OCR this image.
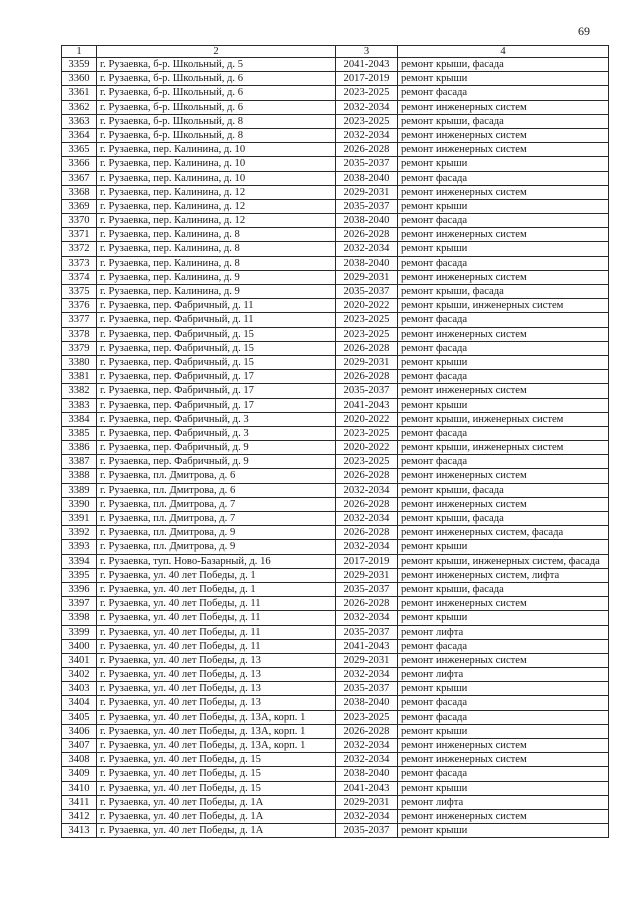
69
1	2	3	4
3359	г. Рузаевка, б-р. Школьный, д. 5	2041-2043	ремонт крыши, фасада
3360	г. Рузаевка, б-р. Школьный, д. 6	2017-2019	ремонт крыши
3361	г. Рузаевка, б-р. Школьный, д. 6	2023-2025	ремонт фасада
3362	г. Рузаевка, б-р. Школьный, д. 6	2032-2034	ремонт инженерных систем
3363	г. Рузаевка, б-р. Школьный, д. 8	2023-2025	ремонт крыши, фасада
3364	г. Рузаевка, б-р. Школьный, д. 8	2032-2034	ремонт инженерных систем
3365	г. Рузаевка, пер. Калинина, д. 10	2026-2028	ремонт инженерных систем
3366	г. Рузаевка, пер. Калинина, д. 10	2035-2037	ремонт крыши
3367	г. Рузаевка, пер. Калинина, д. 10	2038-2040	ремонт фасада
3368	г. Рузаевка, пер. Калинина, д. 12	2029-2031	ремонт инженерных систем
3369	г. Рузаевка, пер. Калинина, д. 12	2035-2037	ремонт крыши
3370	г. Рузаевка, пер. Калинина, д. 12	2038-2040	ремонт фасада
3371	г. Рузаевка, пер. Калинина, д. 8	2026-2028	ремонт инженерных систем
3372	г. Рузаевка, пер. Калинина, д. 8	2032-2034	ремонт крыши
3373	г. Рузаевка, пер. Калинина, д. 8	2038-2040	ремонт фасада
3374	г. Рузаевка, пер. Калинина, д. 9	2029-2031	ремонт инженерных систем
3375	г. Рузаевка, пер. Калинина, д. 9	2035-2037	ремонт крыши, фасада
3376	г. Рузаевка, пер. Фабричный, д. 11	2020-2022	ремонт крыши, инженерных систем
3377	г. Рузаевка, пер. Фабричный, д. 11	2023-2025	ремонт фасада
3378	г. Рузаевка, пер. Фабричный, д. 15	2023-2025	ремонт инженерных систем
3379	г. Рузаевка, пер. Фабричный, д. 15	2026-2028	ремонт фасада
3380	г. Рузаевка, пер. Фабричный, д. 15	2029-2031	ремонт крыши
3381	г. Рузаевка, пер. Фабричный, д. 17	2026-2028	ремонт фасада
3382	г. Рузаевка, пер. Фабричный, д. 17	2035-2037	ремонт инженерных систем
3383	г. Рузаевка, пер. Фабричный, д. 17	2041-2043	ремонт крыши
3384	г. Рузаевка, пер. Фабричный, д. 3	2020-2022	ремонт крыши, инженерных систем
3385	г. Рузаевка, пер. Фабричный, д. 3	2023-2025	ремонт фасада
3386	г. Рузаевка, пер. Фабричный, д. 9	2020-2022	ремонт крыши, инженерных систем
3387	г. Рузаевка, пер. Фабричный, д. 9	2023-2025	ремонт фасада
3388	г. Рузаевка, пл. Дмитрова, д. 6	2026-2028	ремонт инженерных систем
3389	г. Рузаевка, пл. Дмитрова, д. 6	2032-2034	ремонт крыши, фасада
3390	г. Рузаевка, пл. Дмитрова, д. 7	2026-2028	ремонт инженерных систем
3391	г. Рузаевка, пл. Дмитрова, д. 7	2032-2034	ремонт крыши, фасада
3392	г. Рузаевка, пл. Дмитрова, д. 9	2026-2028	ремонт инженерных систем, фасада
3393	г. Рузаевка, пл. Дмитрова, д. 9	2032-2034	ремонт крыши
3394	г. Рузаевка, туп. Ново-Базарный, д. 16	2017-2019	ремонт крыши, инженерных систем, фасада
3395	г. Рузаевка, ул. 40 лет Победы, д. 1	2029-2031	ремонт инженерных систем, лифта
3396	г. Рузаевка, ул. 40 лет Победы, д. 1	2035-2037	ремонт крыши, фасада
3397	г. Рузаевка, ул. 40 лет Победы, д. 11	2026-2028	ремонт инженерных систем
3398	г. Рузаевка, ул. 40 лет Победы, д. 11	2032-2034	ремонт крыши
3399	г. Рузаевка, ул. 40 лет Победы, д. 11	2035-2037	ремонт лифта
3400	г. Рузаевка, ул. 40 лет Победы, д. 11	2041-2043	ремонт фасада
3401	г. Рузаевка, ул. 40 лет Победы, д. 13	2029-2031	ремонт инженерных систем
3402	г. Рузаевка, ул. 40 лет Победы, д. 13	2032-2034	ремонт лифта
3403	г. Рузаевка, ул. 40 лет Победы, д. 13	2035-2037	ремонт крыши
3404	г. Рузаевка, ул. 40 лет Победы, д. 13	2038-2040	ремонт фасада
3405	г. Рузаевка, ул. 40 лет Победы, д. 13А, корп. 1	2023-2025	ремонт фасада
3406	г. Рузаевка, ул. 40 лет Победы, д. 13А, корп. 1	2026-2028	ремонт крыши
3407	г. Рузаевка, ул. 40 лет Победы, д. 13А, корп. 1	2032-2034	ремонт инженерных систем
3408	г. Рузаевка, ул. 40 лет Победы, д. 15	2032-2034	ремонт инженерных систем
3409	г. Рузаевка, ул. 40 лет Победы, д. 15	2038-2040	ремонт фасада
3410	г. Рузаевка, ул. 40 лет Победы, д. 15	2041-2043	ремонт крыши
3411	г. Рузаевка, ул. 40 лет Победы, д. 1А	2029-2031	ремонт лифта
3412	г. Рузаевка, ул. 40 лет Победы, д. 1А	2032-2034	ремонт инженерных систем
3413	г. Рузаевка, ул. 40 лет Победы, д. 1А	2035-2037	ремонт крыши
